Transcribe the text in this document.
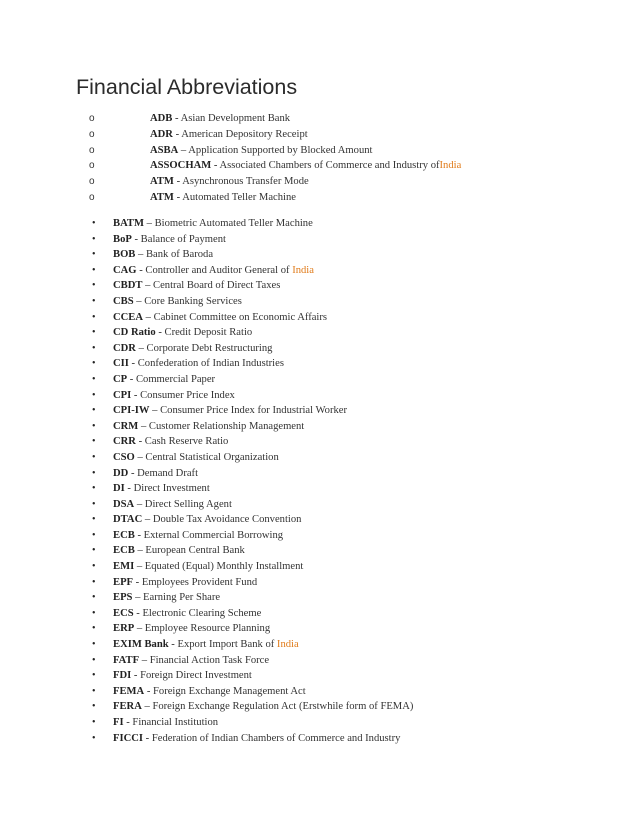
Financial Abbreviations
o	ADB - Asian Development Bank
o	ADR - American Depository Receipt
o	ASBA – Application Supported by Blocked Amount
o	ASSOCHAM - Associated Chambers of Commerce and Industry ofIndia
o	ATM - Asynchronous Transfer Mode
o	ATM - Automated Teller Machine
• BATM – Biometric Automated Teller Machine
• BoP - Balance of Payment
• BOB – Bank of Baroda
• CAG - Controller and Auditor General of India
• CBDT – Central Board of Direct Taxes
• CBS – Core Banking Services
• CCEA – Cabinet Committee on Economic Affairs
• CD Ratio - Credit Deposit Ratio
• CDR – Corporate Debt Restructuring
• CII - Confederation of Indian Industries
• CP - Commercial Paper
• CPI - Consumer Price Index
• CPI-IW – Consumer Price Index for Industrial Worker
• CRM – Customer Relationship Management
• CRR - Cash Reserve Ratio
• CSO – Central Statistical Organization
• DD - Demand Draft
• DI - Direct Investment
• DSA – Direct Selling Agent
• DTAC – Double Tax Avoidance Convention
• ECB - External Commercial Borrowing
• ECB – European Central Bank
• EMI – Equated (Equal) Monthly Installment
• EPF - Employees Provident Fund
• EPS – Earning Per Share
• ECS - Electronic Clearing Scheme
• ERP – Employee Resource Planning
• EXIM Bank - Export Import Bank of India
• FATF – Financial Action Task Force
• FDI - Foreign Direct Investment
• FEMA - Foreign Exchange Management Act
• FERA – Foreign Exchange Regulation Act (Erstwhile form of FEMA)
• FI - Financial Institution
• FICCI - Federation of Indian Chambers of Commerce and Industry
